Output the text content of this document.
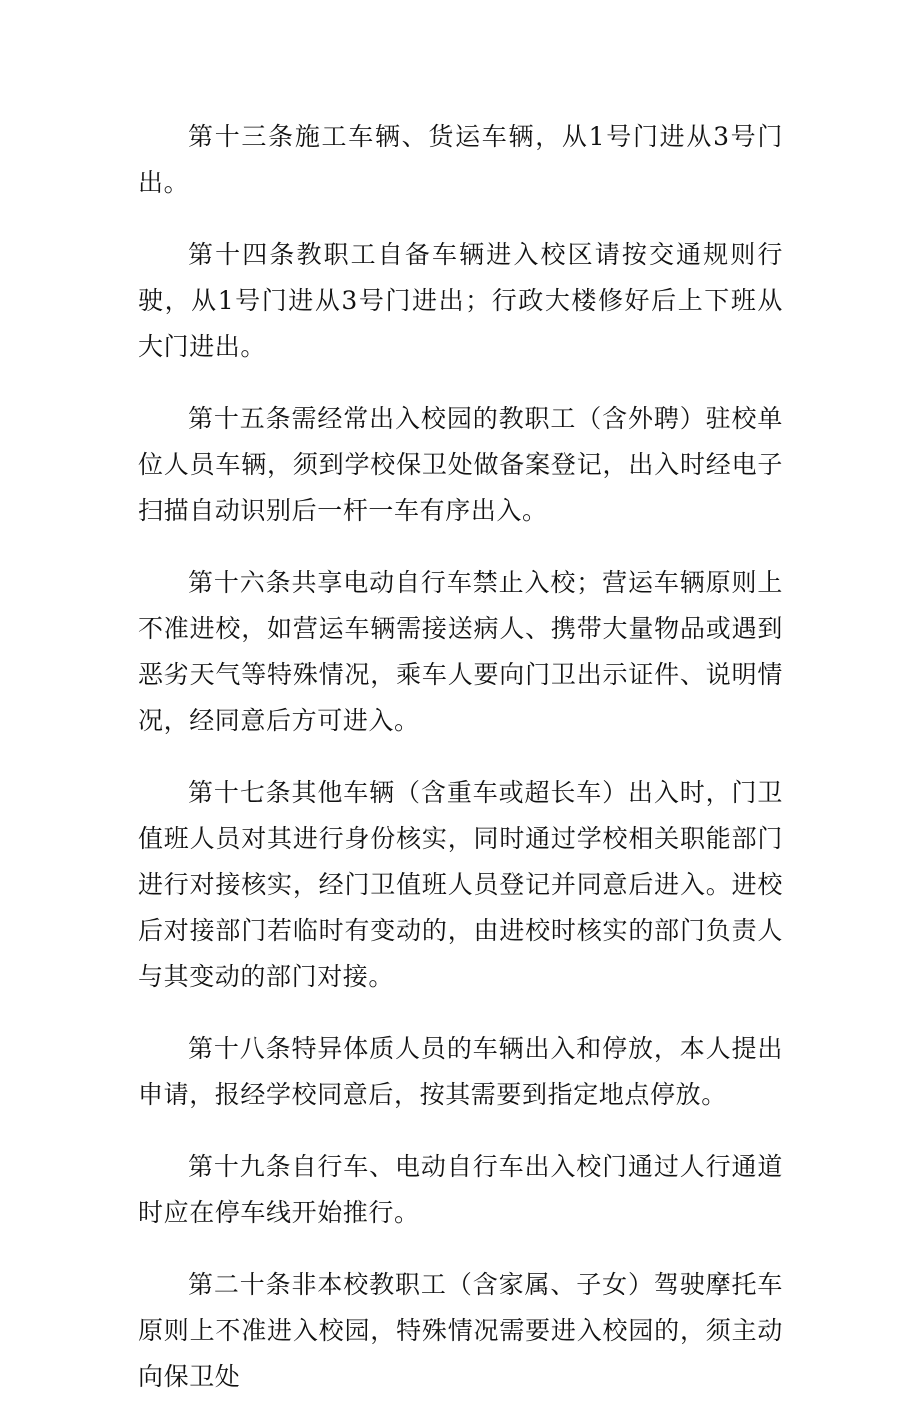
第十三条施工车辆、货运车辆，从1号门进从3号门出。

第十四条教职工自备车辆进入校区请按交通规则行驶，从1号门进从3号门进出；行政大楼修好后上下班从大门进出。

第十五条需经常出入校园的教职工（含外聘）驻校单位人员车辆，须到学校保卫处做备案登记，出入时经电子扫描自动识别后一杆一车有序出入。

第十六条共享电动自行车禁止入校；营运车辆原则上不准进校，如营运车辆需接送病人、携带大量物品或遇到恶劣天气等特殊情况，乘车人要向门卫出示证件、说明情况，经同意后方可进入。

第十七条其他车辆（含重车或超长车）出入时，门卫值班人员对其进行身份核实，同时通过学校相关职能部门进行对接核实，经门卫值班人员登记并同意后进入。进校后对接部门若临时有变动的，由进校时核实的部门负责人与其变动的部门对接。

第十八条特异体质人员的车辆出入和停放，本人提出申请，报经学校同意后，按其需要到指定地点停放。

第十九条自行车、电动自行车出入校门通过人行通道时应在停车线开始推行。

第二十条非本校教职工（含家属、子女）驾驶摩托车原则上不准进入校园，特殊情况需要进入校园的，须主动向保卫处
